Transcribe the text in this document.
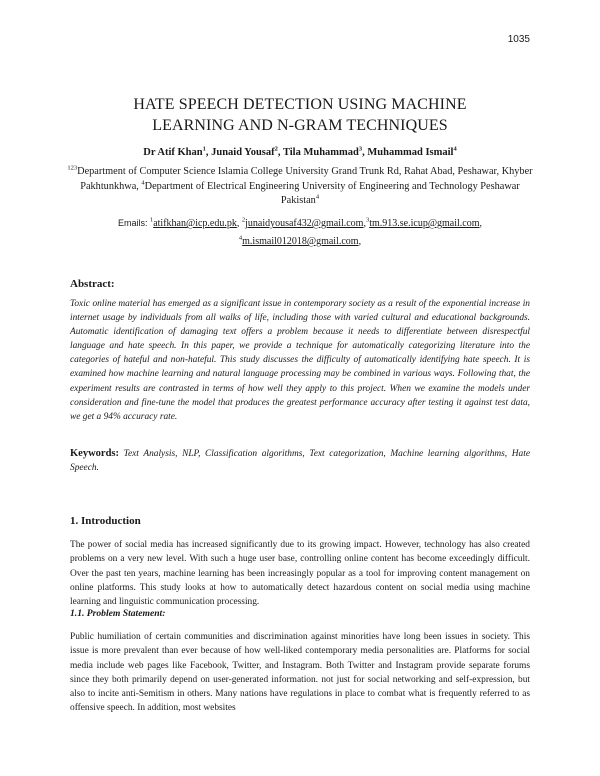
1035
HATE SPEECH DETECTION USING MACHINE
LEARNING AND N-GRAM TECHNIQUES
Dr Atif Khan$^1$, Junaid Yousaf$^2$, Tila Muhammad$^3$, Muhammad Ismail$^4$
$^{123}$Department of Computer Science Islamia College University Grand Trunk Rd, Rahat Abad, Peshawar, Khyber Pakhtunkhwa, $^4$Department of Electrical Engineering University of Engineering and Technology Peshawar Pakistan$^4$
Emails: $^1$atifkhan@icp.edu.pk, $^2$junaidyousaf432@gmail.com,$^3$tm.913.se.icup@gmail.com,
$^4$m.ismail012018@gmail.com,
Abstract:
Toxic online material has emerged as a significant issue in contemporary society as a result of the exponential increase in internet usage by individuals from all walks of life, including those with varied cultural and educational backgrounds. Automatic identification of damaging text offers a problem because it needs to differentiate between disrespectful language and hate speech. In this paper, we provide a technique for automatically categorizing literature into the categories of hateful and non-hateful. This study discusses the difficulty of automatically identifying hate speech. It is examined how machine learning and natural language processing may be combined in various ways. Following that, the experiment results are contrasted in terms of how well they apply to this project. When we examine the models under consideration and fine-tune the model that produces the greatest performance accuracy after testing it against test data, we get a 94% accuracy rate.
Keywords: Text Analysis, NLP, Classification algorithms, Text categorization, Machine learning algorithms, Hate Speech.
1. Introduction
The power of social media has increased significantly due to its growing impact. However, technology has also created problems on a very new level. With such a huge user base, controlling online content has become exceedingly difficult. Over the past ten years, machine learning has been increasingly popular as a tool for improving content management on online platforms. This study looks at how to automatically detect hazardous content on social media using machine learning and linguistic communication processing.
1.1. Problem Statement:
Public humiliation of certain communities and discrimination against minorities have long been issues in society. This issue is more prevalent than ever because of how well-liked contemporary media personalities are. Platforms for social media include web pages like Facebook, Twitter, and Instagram. Both Twitter and Instagram provide separate forums since they both primarily depend on user-generated information. not just for social networking and self-expression, but also to incite anti-Semitism in others. Many nations have regulations in place to combat what is frequently referred to as offensive speech. In addition, most websites
